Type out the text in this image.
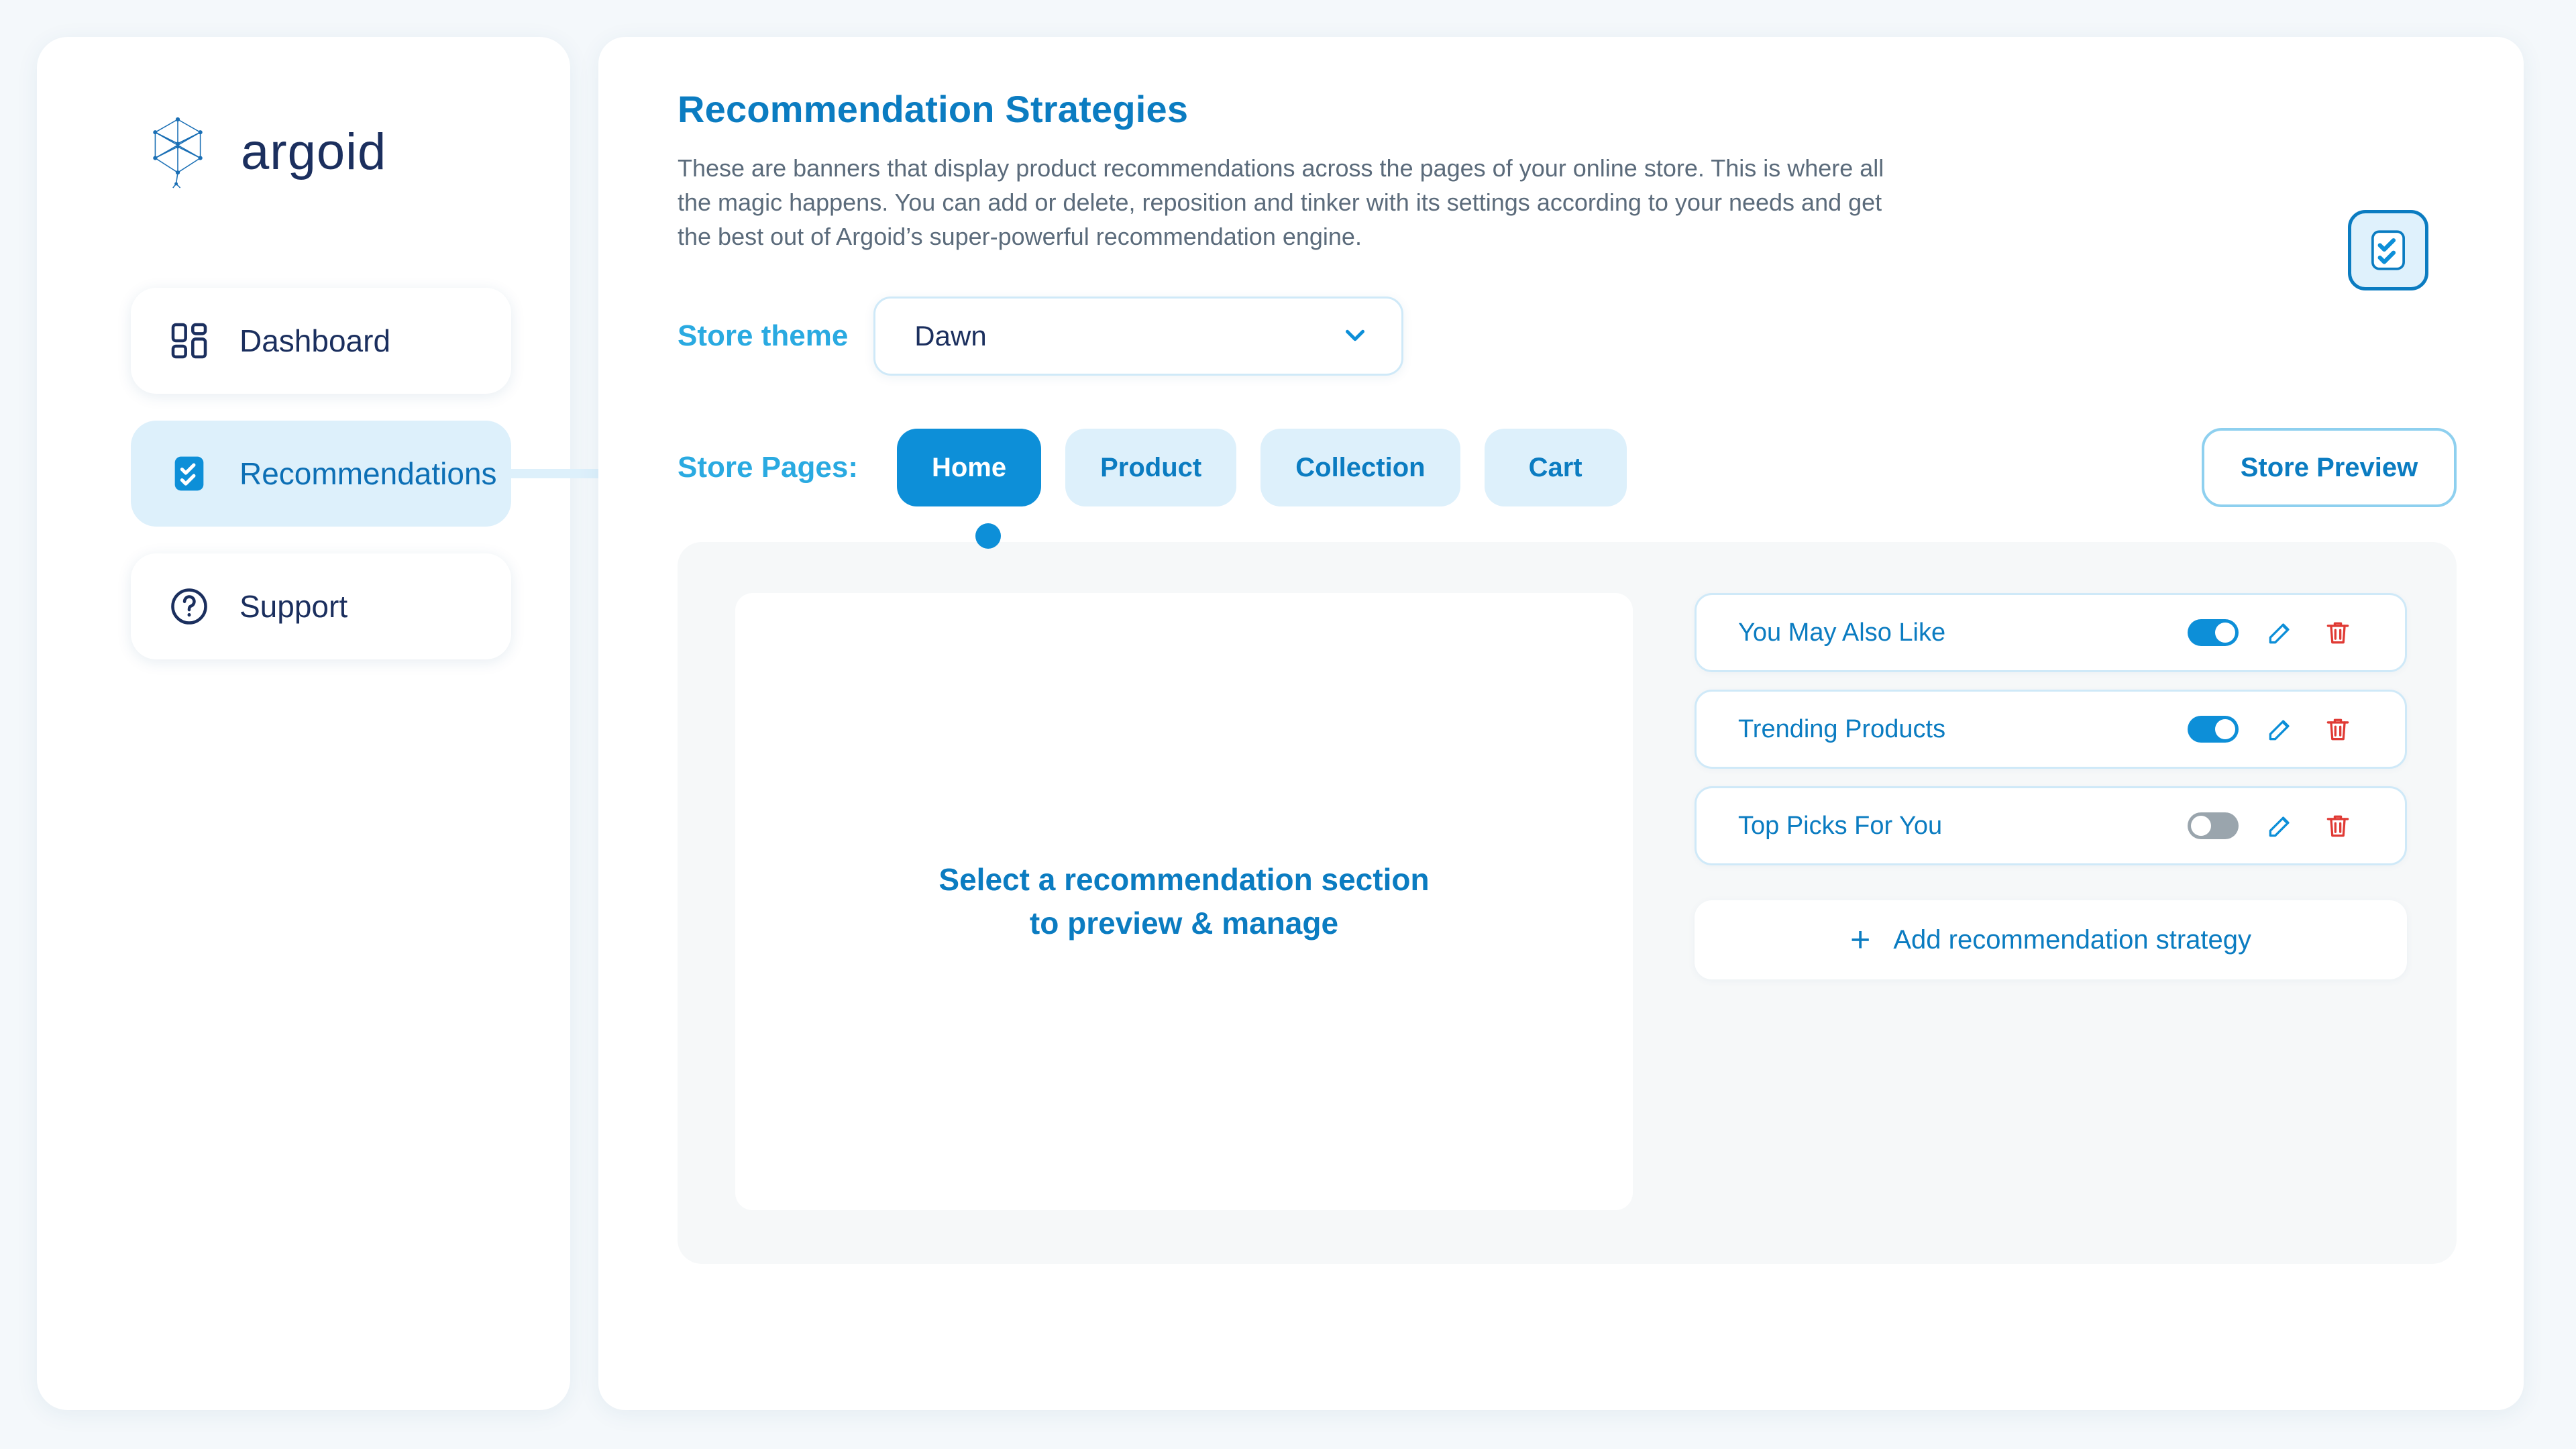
argoid
Dashboard
Recommendations
Support
Recommendation Strategies

These are banners that display product recommendations across the pages of your online store. This is where all the magic happens. You can add or delete, reposition and tinker with its settings according to your needs and get the best out of Argoid’s super-powerful recommendation engine.

Store theme Dawn
Store Pages:	Home	Product	Collection	Cart	Store Preview
Select a recommendation section
to preview & manage
You May Also Like
Trending Products
Top Picks For You
+ Add recommendation strategy
